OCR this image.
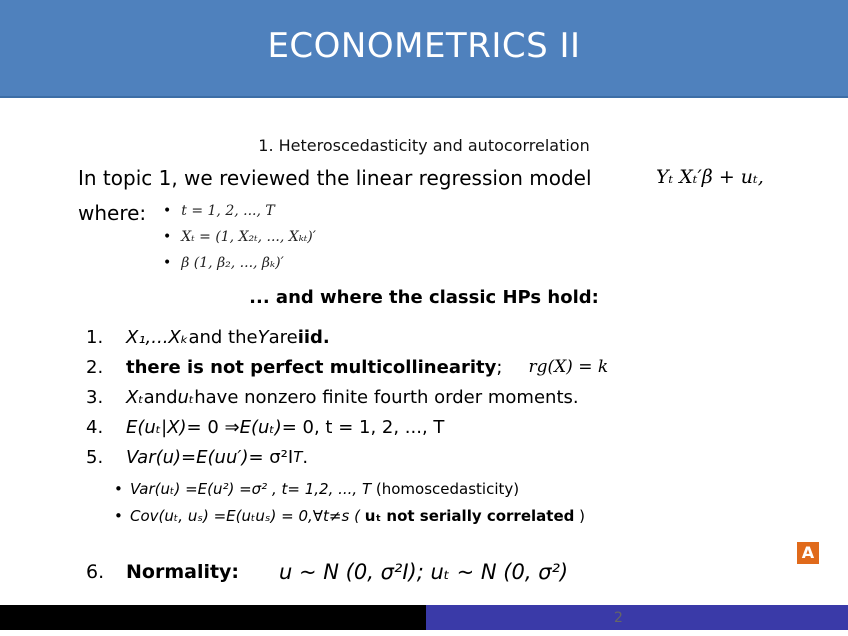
ECONOMETRICS II
1. Heteroscedasticity and autocorrelation
In topic 1, we reviewed the linear regression model	Yₜ Xₜ′β + uₜ,
where:
•	t = 1, 2, ..., T
• Xₜ = (1, X₂ₜ, ..., Xₖₜ)′
• β (1, β₂, ..., βₖ)′
... and where the classic HPs hold:
1.	X₁,...Xₖ and the Y are iid.
2.	there is not perfect multicollinearity ; rg(X) = k
3.	Xₜ and uₜ have nonzero finite fourth order moments.
4.	E(uₜ|X) = 0 ⇒ E(uₜ) = 0, t = 1, 2, ..., T
5.	Var(u) = E(uu′) = σ²I T .
• Var(uₜ) =E(u²) =σ² , t= 1,2, ..., T (homoscedasticity)
• Cov(uₜ, uₛ) =E(uₜuₛ) = 0,∀t≠s ( uₜ not serially correlated )
6.	Normality: u ~ N (0, σ²I); uₜ ~ N (0, σ²)
A
2
